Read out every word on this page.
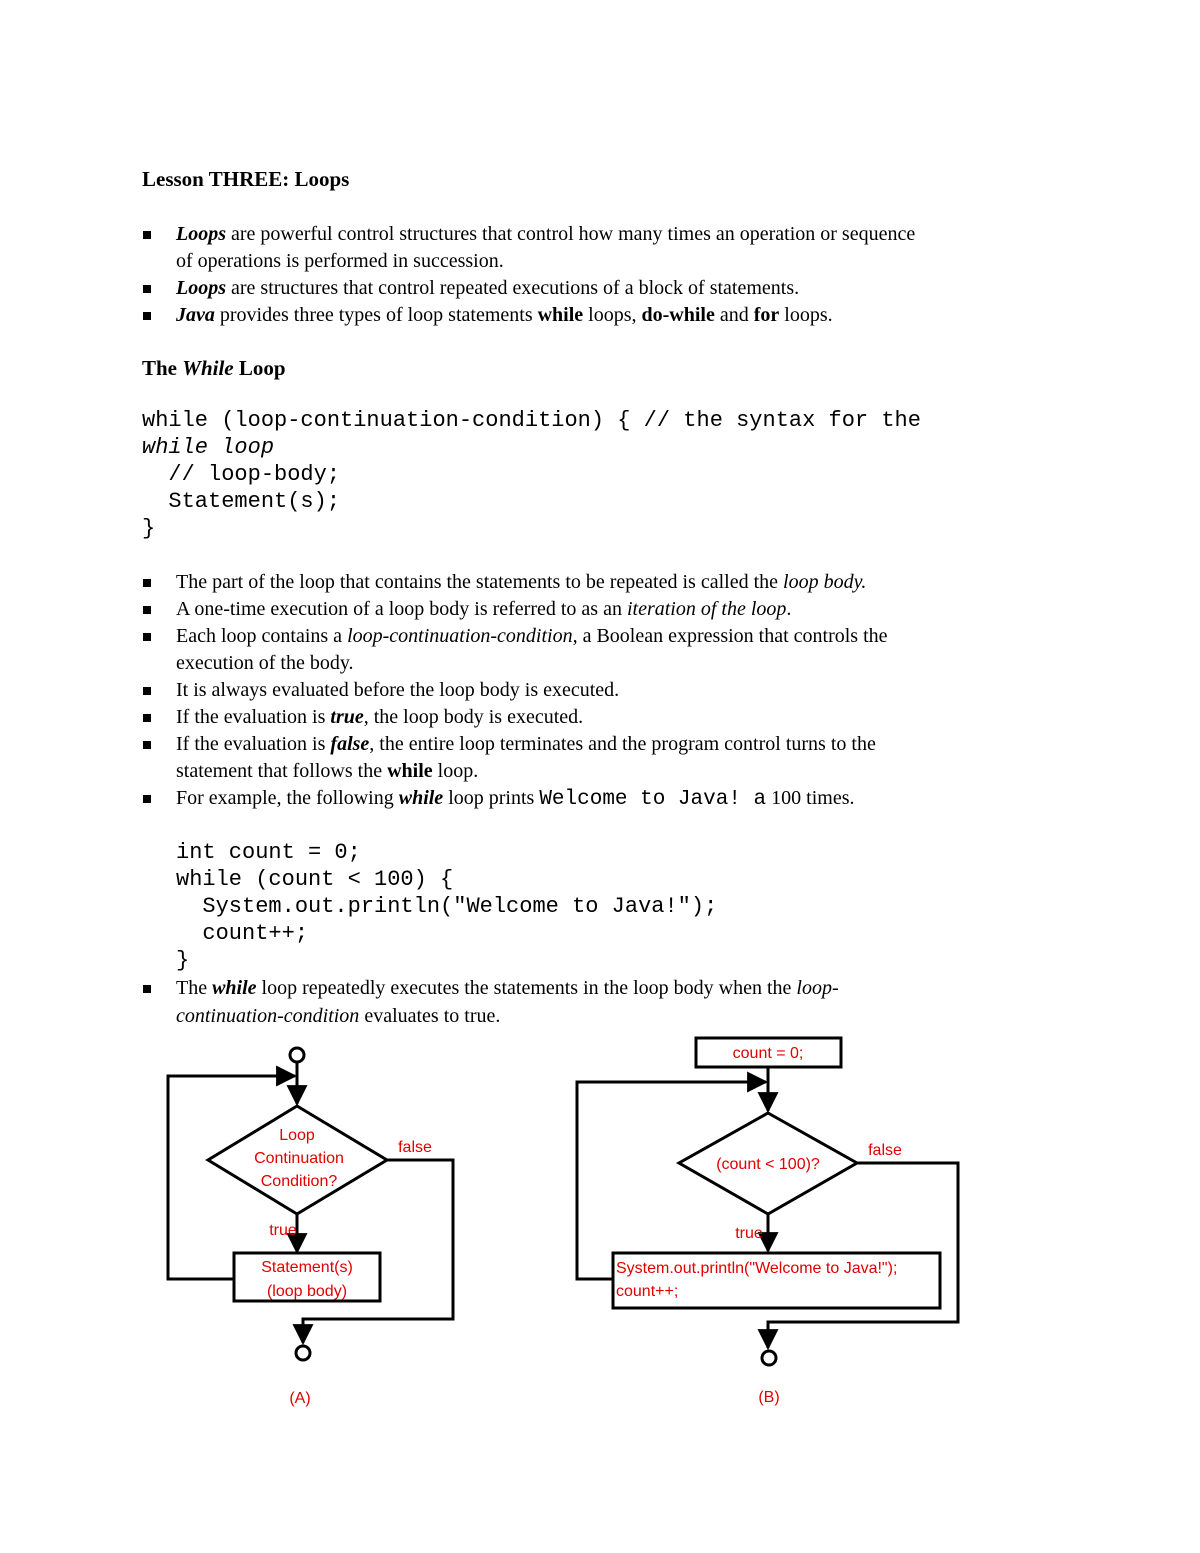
Lesson THREE: Loops
Loops are powerful control structures that control how many times an operation or sequence
of operations is performed in succession.
Loops are structures that control repeated executions of a block of statements.
Java provides three types of loop statements while loops, do-while and for loops.
The While Loop
while (loop-continuation-condition) { // the syntax for the
while loop
// loop-body;
Statement(s);
}
The part of the loop that contains the statements to be repeated is called the loop body.
A one-time execution of a loop body is referred to as an iteration of the loop.
Each loop contains a loop-continuation-condition, a Boolean expression that controls the
execution of the body.
It is always evaluated before the loop body is executed.
If the evaluation is true, the loop body is executed.
If the evaluation is false, the entire loop terminates and the program control turns to the
statement that follows the while loop.
For example, the following while loop prints Welcome to Java! a 100 times.
int count = 0;
while (count < 100) {
System.out.println("Welcome to Java!");
count++;
}
The while loop repeatedly executes the statements in the loop body when the loop-
continuation-condition evaluates to true.
Loop
Continuation
Condition?
false
true
Statement(s)
(loop body)
(A)
count = 0;
(count < 100)?
false
true
System.out.println("Welcome to Java!");
count++;
(B)
